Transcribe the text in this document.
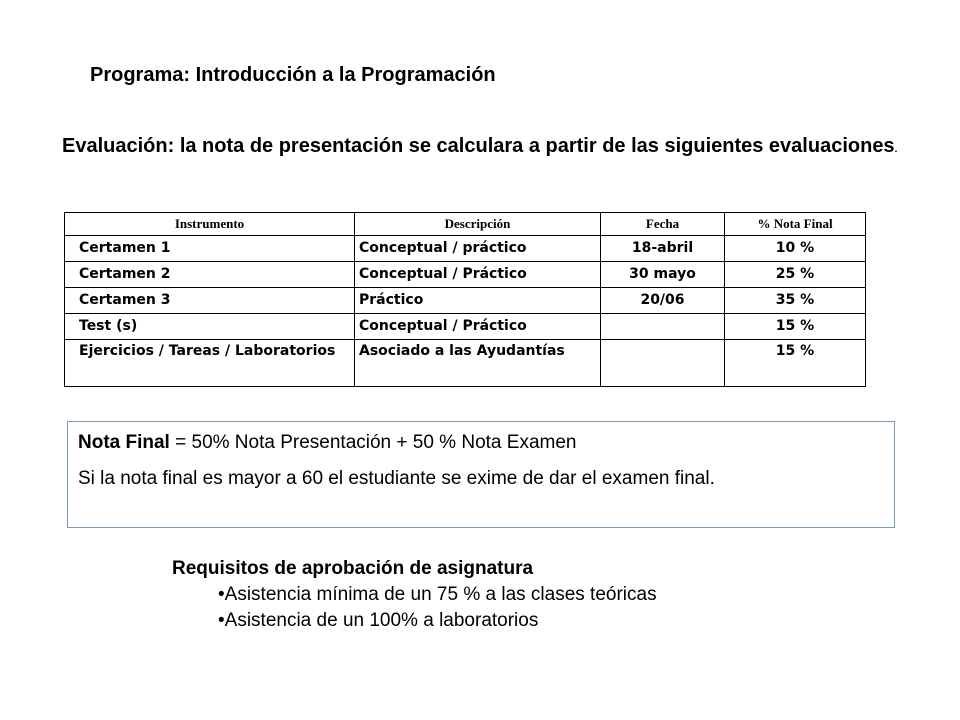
Programa: Introducción a la Programación
Evaluación: la nota de presentación se calculara a partir de las siguientes evaluaciones.
Instrumento	Descripción	Fecha	% Nota Final
Certamen 1	Conceptual / práctico	18-abril	10 %
Certamen 2	Conceptual / Práctico	30 mayo	25 %
Certamen 3	Práctico	20/06	35 %
Test (s)	Conceptual / Práctico		15 %
Ejercicios / Tareas / Laboratorios	Asociado a las Ayudantías		15 %

Nota Final = 50% Nota Presentación + 50 % Nota Examen

Si la nota final es mayor a 60 el estudiante se exime de dar el examen final.

Requisitos de aprobación de asignatura
•Asistencia mínima de un 75 % a las clases teóricas
•Asistencia de un 100% a laboratorios
